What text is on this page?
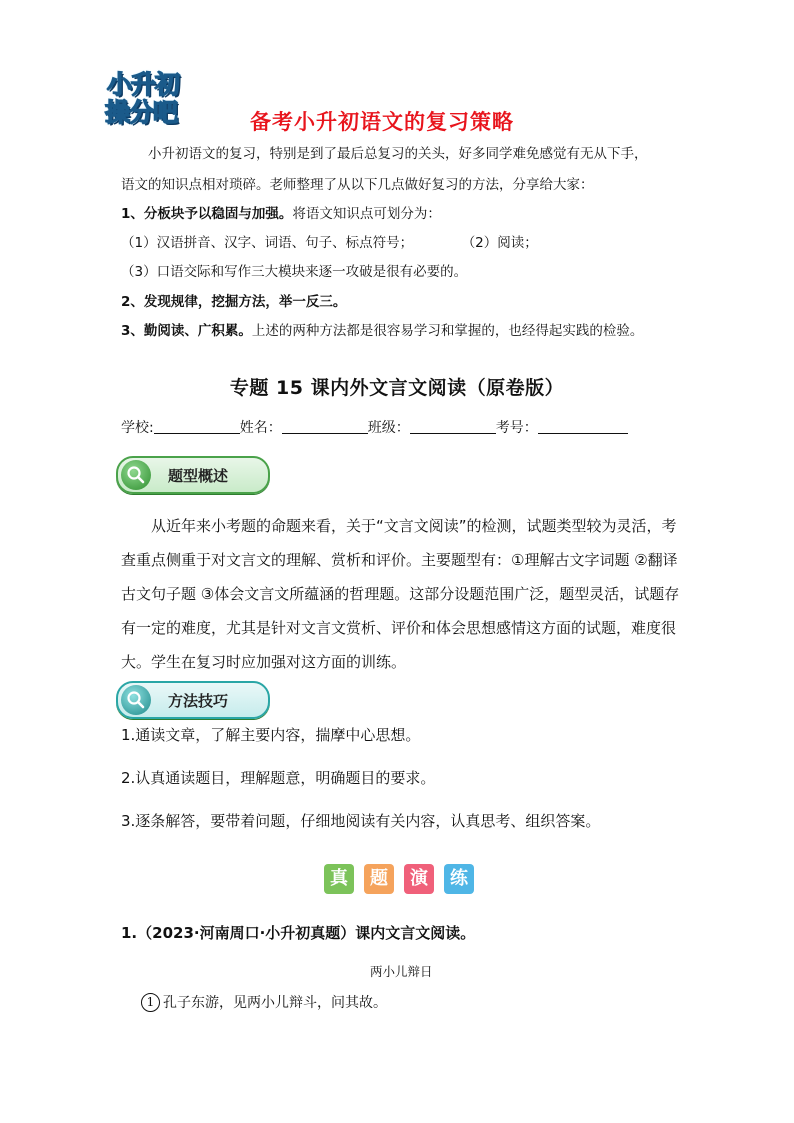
小升初
操分吧	备考小升初语文的复习策略
小升初语文的复习，特别是到了最后总复习的关头，好多同学难免感觉有无从下手，
语文的知识点相对琐碎。老师整理了从以下几点做好复习的方法，分享给大家：
1、分板块予以稳固与加强。将语文知识点可划分为：
（1）汉语拼音、汉字、词语、句子、标点符号；	（2）阅读；
（3）口语交际和写作三大模块来逐一攻破是很有必要的。
2、发现规律，挖掘方法，举一反三。
3、勤阅读、广积累。上述的两种方法都是很容易学习和掌握的，也经得起实践的检验。
专题 15 课内外文言文阅读（原卷版）
学校:	姓名：	班级：	考号：
题型概述
从近年来小考题的命题来看，关于“文言文阅读”的检测，试题类型较为灵活，考查重点侧重于对文言文的理解、赏析和评价。主要题型有：①理解古文字词题 ②翻译古文句子题 ③体会文言文所蕴涵的哲理题。这部分设题范围广泛，题型灵活，试题存有一定的难度，尤其是针对文言文赏析、评价和体会思想感情这方面的试题，难度很大。学生在复习时应加强对这方面的训练。
方法技巧
1.通读文章，了解主要内容，揣摩中心思想。
2.认真通读题目，理解题意，明确题目的要求。
3.逐条解答，要带着问题，仔细地阅读有关内容，认真思考、组织答案。
真	题	演	练
1.（2023·河南周口·小升初真题）课内文言文阅读。
两小儿辩日
1 孔子东游，见两小儿辩斗，问其故。
